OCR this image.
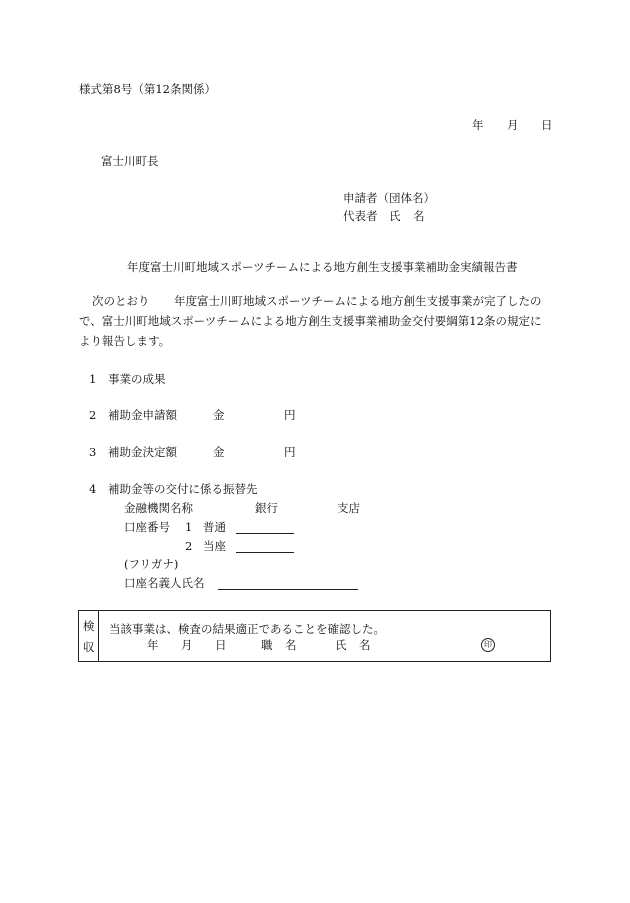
様式第8号（第12条関係）
年 月 日
富士川町長
申請者（団体名）
代表者 氏 名
年度富士川町地域スポーツチームによる地方創生支援事業補助金実績報告書
次のとおり 年度富士川町地域スポーツチームによる地方創生支援事業が完了したの
で、富士川町地域スポーツチームによる地方創生支援事業補助金交付要綱第12条の規定に
より報告します。
1 事業の成果
2 補助金申請額	金	円
3 補助金決定額	金	円
4 補助金等の交付に係る振替先
金融機関名称	銀行	支店
口座番号 1 普通
2 当座
(フリガナ)
口座名義人氏名
検
収
当該事業は、検査の結果適正であることを確認した。
年 月 日	職 名	氏 名	印
